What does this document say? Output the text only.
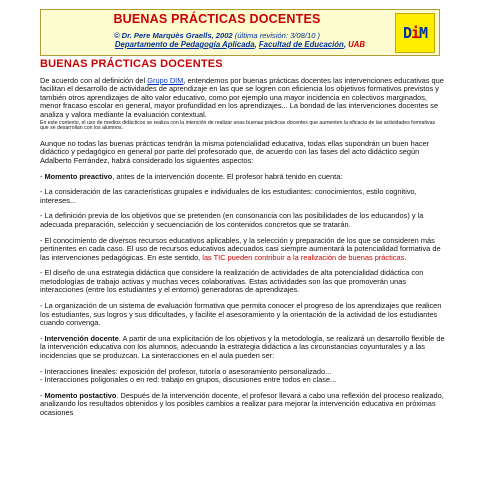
BUENAS PRÁCTICAS DOCENTES
© Dr. Pere Marquès Graells, 2002 (última revisión: 3/08/10 )	DiM
Departamento de Pedagogía Aplicada, Facultad de Educación, UAB
BUENAS PRÁCTICAS DOCENTES

De acuerdo con al definición del Grupo DIM, entendemos por buenas prácticas docentes las intervenciones educativas que facilitan el desarrollo de actividades de aprendizaje en las que se logren con eficiencia los objetivos formativos previstos y también otros aprendizajes de alto valor educativo, como por ejemplo una mayor incidencia en colectivos marginados, menor fracaso escolar en general, mayor profundidad en los aprendizajes... La bondad de las intervenciones docentes se analiza y valora mediante la evaluación contextual.

En este contexto, el uso de medios didácticos se realiza con la intención de realizar unas buenas prácticas docentes que aumenten la eficacia de las actividades formativas que se desarrollan con los alumnos.

Aunque no todas las buenas prácticas tendrán la misma potencialidad educativa, todas ellas supondrán un buen hacer didáctico y pedagógico en general por parte del profesorado que, de acuerdo con las fases del acto didáctico según Adalberto Ferrández, habrá considerado los siguientes aspectos:

- Momento preactivo, antes de la intervención docente. El profesor habrá tenido en cuenta:

- La consideración de las características grupales e individuales de los estudiantes: conocimientos, estilo cognitivo, intereses...

- La definición previa de los objetivos que se pretenden (en consonancia con las posibilidades de los educandos) y la adecuada preparación, selección y secuenciación de los contenidos concretos que se tratarán.

- El conocimiento de diversos recursos educativos aplicables, y la selección y preparación de los que se consideren más pertinentes en cada caso. El uso de recursos educativos adecuados casi siempre aumentará la potencialidad formativa de las intervenciones pedagógicas. En este sentido, las TIC pueden contribuir a la realización de buenas prácticas.

- El diseño de una estrategia didáctica que considere la realización de actividades de alta potencialidad didáctica con metodologías de trabajo activas y muchas veces colaborativas. Estas actividades son las que promoverán unas interacciones (entre los estudiantes y el entorno) generadoras de aprendizajes.

- La organización de un sistema de evaluación formativa que permita conocer el progreso de los aprendizajes que realicen los estudiantes, sus logros y sus dificultades, y facilite el asesoramiento y la orientación de la actividad de los estudiantes cuando convenga.

- Intervención docente. A partir de una explicitación de los objetivos y la metodología, se realizará un desarrollo flexible de la intervención educativa con los alumnos, adecuando la estrategia didáctica a las circunstancias coyunturales y a las incidencias que se produzcan. La sinteracciones en el aula pueden ser:

- Interacciones lineales: exposición del profesor, tutoría o asesoramiento personalizado...
- Interacciones poligonales o en red: trabajo en grupos, discusiones entre todos en clase...

- Momento postactivo. Después de la intervención docente, el profesor llevará a cabo una reflexión del proceso realizado, analizando los resultados obtenidos y los posibles cambios a realizar para mejorar la intervención educativa en próximas ocasiones
